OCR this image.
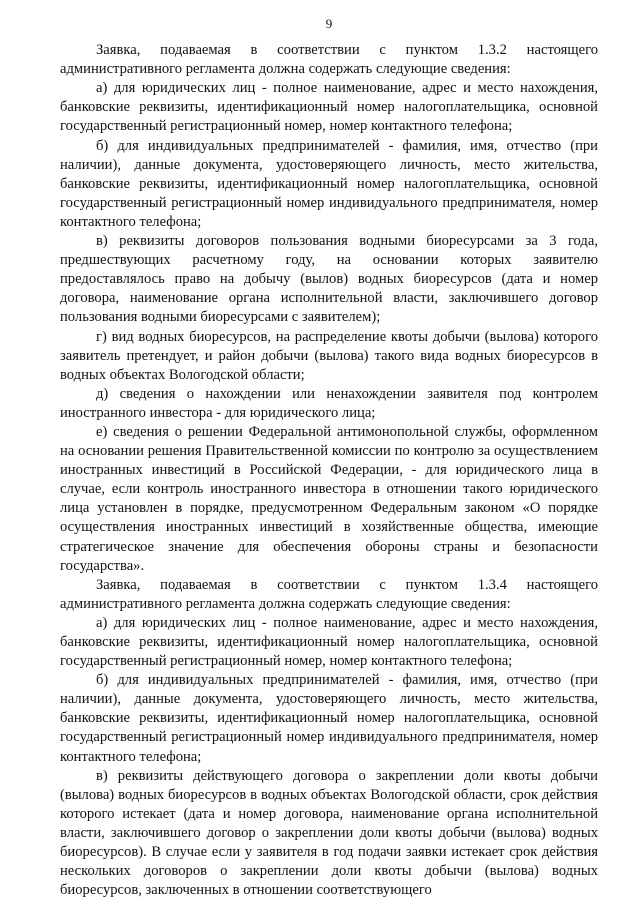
9

Заявка, подаваемая в соответствии с пунктом 1.3.2 настоящего административного регламента должна содержать следующие сведения:

а) для юридических лиц - полное наименование, адрес и место нахождения, банковские реквизиты, идентификационный номер налогоплательщика, основной государственный регистрационный номер, номер контактного телефона;

б) для индивидуальных предпринимателей - фамилия, имя, отчество (при наличии), данные документа, удостоверяющего личность, место жительства, банковские реквизиты, идентификационный номер налогоплательщика, основной государственный регистрационный номер индивидуального предпринимателя, номер контактного телефона;

в) реквизиты договоров пользования водными биоресурсами за 3 года, предшествующих расчетному году, на основании которых заявителю предоставлялось право на добычу (вылов) водных биоресурсов (дата и номер договора, наименование органа исполнительной власти, заключившего договор пользования водными биоресурсами с заявителем);

г) вид водных биоресурсов, на распределение квоты добычи (вылова) которого заявитель претендует, и район добычи (вылова) такого вида водных биоресурсов в водных объектах Вологодской области;

д) сведения о нахождении или ненахождении заявителя под контролем иностранного инвестора - для юридического лица;

е) сведения о решении Федеральной антимонопольной службы, оформленном на основании решения Правительственной комиссии по контролю за осуществлением иностранных инвестиций в Российской Федерации, - для юридического лица в случае, если контроль иностранного инвестора в отношении такого юридического лица установлен в порядке, предусмотренном Федеральным законом «О порядке осуществления иностранных инвестиций в хозяйственные общества, имеющие стратегическое значение для обеспечения обороны страны и безопасности государства».

Заявка, подаваемая в соответствии с пунктом 1.3.4 настоящего административного регламента должна содержать следующие сведения:

а) для юридических лиц - полное наименование, адрес и место нахождения, банковские реквизиты, идентификационный номер налогоплательщика, основной государственный регистрационный номер, номер контактного телефона;

б) для индивидуальных предпринимателей - фамилия, имя, отчество (при наличии), данные документа, удостоверяющего личность, место жительства, банковские реквизиты, идентификационный номер налогоплательщика, основной государственный регистрационный номер индивидуального предпринимателя, номер контактного телефона;

в) реквизиты действующего договора о закреплении доли квоты добычи (вылова) водных биоресурсов в водных объектах Вологодской области, срок действия которого истекает (дата и номер договора, наименование органа исполнительной власти, заключившего договор о закреплении доли квоты добычи (вылова) водных биоресурсов). В случае если у заявителя в год подачи заявки истекает срок действия нескольких договоров о закреплении доли квоты добычи (вылова) водных биоресурсов, заключенных в отношении соответствующего
